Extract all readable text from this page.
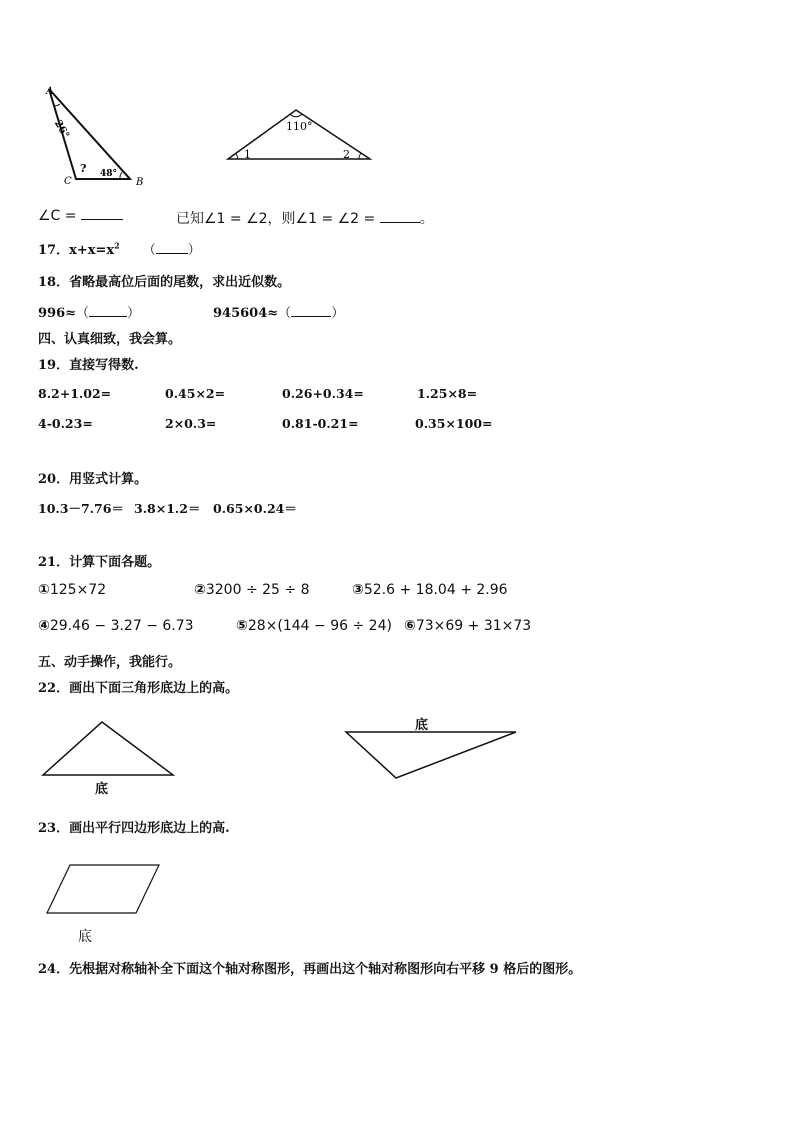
A
C	B
26°
? 48°
110°
1	2
∠C =	已知∠1 = ∠2，则∠1 = ∠2 =	。
17．$x+x=x^2$ （ ）
18．省略最高位后面的尾数，求出近似数。
996≈（	）	945604≈（	）
四、认真细致，我会算。
19．直接写得数.
8.2+1.02=	0.45×2=	0.26+0.34=	1.25×8=
4-0.23=	2×0.3=	0.81-0.21=	0.35×100=
20．用竖式计算。
10.3－7.76＝ 3.8×1.2＝ 0.65×0.24＝
21．计算下面各题。
①125×72	②3200 ÷ 25 ÷ 8	③52.6 + 18.04 + 2.96
④29.46 − 3.27 − 6.73	⑤28×(144 − 96 ÷ 24) ⑥73×69 + 31×73
五、动手操作，我能行。
22．画出下面三角形底边上的高。
底
底
23．画出平行四边形底边上的高.
底
24．先根据对称轴补全下面这个轴对称图形，再画出这个轴对称图形向右平移 9 格后的图形。
